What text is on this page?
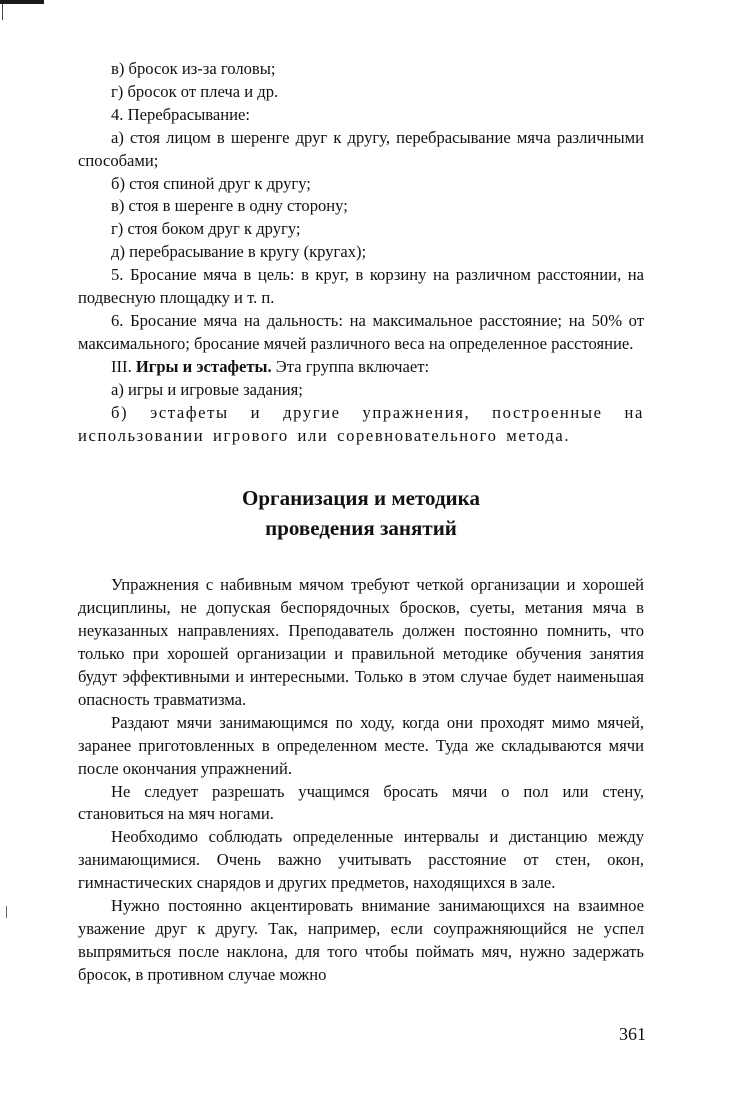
в) бросок из-за головы;

г) бросок от плеча и др.

4. Перебрасывание:

а) стоя лицом в шеренге друг к другу, перебрасывание мяча различными способами;

б) стоя спиной друг к другу;

в) стоя в шеренге в одну сторону;

г) стоя боком друг к другу;

д) перебрасывание в кругу (кругах);

5. Бросание мяча в цель: в круг, в корзину на различном расстоянии, на подвесную площадку и т. п.

6. Бросание мяча на дальность: на максимальное расстояние; на 50% от максимального; бросание мячей различного веса на определенное расстояние.

III. Игры и эстафеты. Эта группа включает:

а) игры и игровые задания;

б) эстафеты и другие упражнения, построенные на использовании игрового или соревновательного метода.

Организация и методика
проведения занятий

Упражнения с набивным мячом требуют четкой организации и хорошей дисциплины, не допуская беспорядочных бросков, суеты, метания мяча в неуказанных направлениях. Преподаватель должен постоянно помнить, что только при хорошей организации и правильной методике обучения занятия будут эффективными и интересными. Только в этом случае будет наименьшая опасность травматизма.

Раздают мячи занимающимся по ходу, когда они проходят мимо мячей, заранее приготовленных в определенном месте. Туда же складываются мячи после окончания упражнений.

Не следует разрешать учащимся бросать мячи о пол или стену, становиться на мяч ногами.

Необходимо соблюдать определенные интервалы и дистанцию между занимающимися. Очень важно учитывать расстояние от стен, окон, гимнастических снарядов и других предметов, находящихся в зале.

Нужно постоянно акцентировать внимание занимающихся на взаимное уважение друг к другу. Так, например, если соупражняющийся не успел выпрямиться после наклона, для того чтобы поймать мяч, нужно задержать бросок, в противном случае можно

361
